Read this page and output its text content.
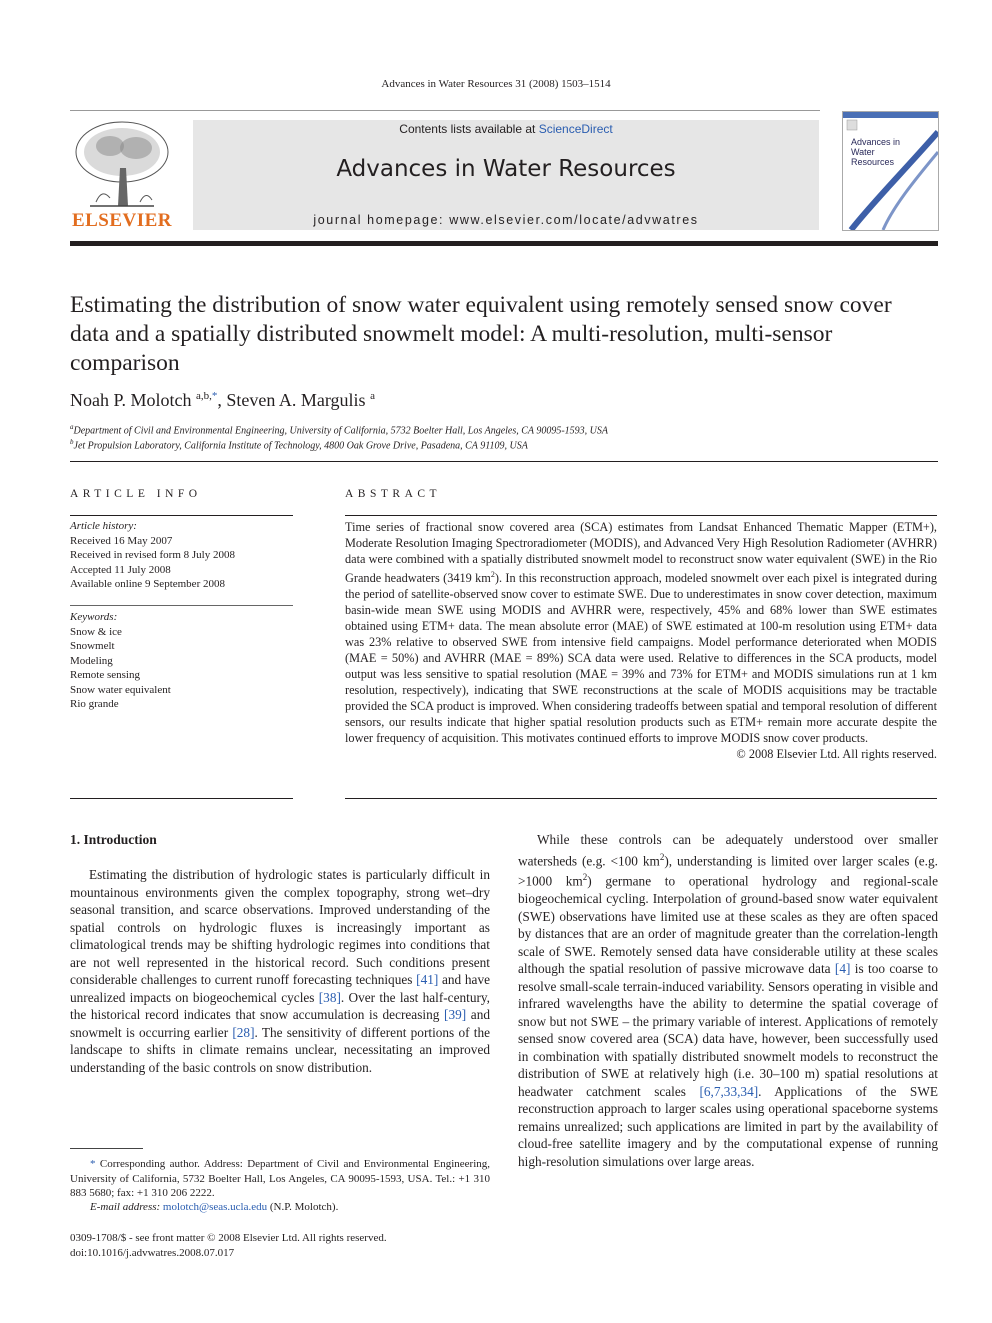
Advances in Water Resources 31 (2008) 1503–1514
ELSEVIER
Contents lists available at ScienceDirect
Advances in Water Resources
journal homepage: www.elsevier.com/locate/advwatres
Advances in Water Resources
Estimating the distribution of snow water equivalent using remotely sensed snow cover data and a spatially distributed snowmelt model: A multi-resolution, multi-sensor comparison
Noah P. Molotch $^{a,b,*}$, Steven A. Margulis $^a$
$^a$Department of Civil and Environmental Engineering, University of California, 5732 Boelter Hall, Los Angeles, CA 90095-1593, USA
$^b$Jet Propulsion Laboratory, California Institute of Technology, 4800 Oak Grove Drive, Pasadena, CA 91109, USA
ARTICLE INFO
Article history:
Received 16 May 2007
Received in revised form 8 July 2008
Accepted 11 July 2008
Available online 9 September 2008
Keywords:
Snow & ice
Snowmelt
Modeling
Remote sensing
Snow water equivalent
Rio grande
ABSTRACT

Time series of fractional snow covered area (SCA) estimates from Landsat Enhanced Thematic Mapper (ETM+), Moderate Resolution Imaging Spectroradiometer (MODIS), and Advanced Very High Resolution Radiometer (AVHRR) data were combined with a spatially distributed snowmelt model to reconstruct snow water equivalent (SWE) in the Rio Grande headwaters (3419 $km^2$). In this reconstruction approach, modeled snowmelt over each pixel is integrated during the period of satellite-observed snow cover to estimate SWE. Due to underestimates in snow cover detection, maximum basin-wide mean SWE using MODIS and AVHRR were, respectively, 45% and 68% lower than SWE estimates obtained using ETM+ data. The mean absolute error (MAE) of SWE estimated at 100-m resolution using ETM+ data was 23% relative to observed SWE from intensive field campaigns. Model performance deteriorated when MODIS (MAE = 50%) and AVHRR (MAE = 89%) SCA data were used. Relative to differences in the SCA products, model output was less sensitive to spatial resolution (MAE = 39% and 73% for ETM+ and MODIS simulations run at 1 km resolution, respectively), indicating that SWE reconstructions at the scale of MODIS acquisitions may be tractable provided the SCA product is improved. When considering tradeoffs between spatial and temporal resolution of different sensors, our results indicate that higher spatial resolution products such as ETM+ remain more accurate despite the lower frequency of acquisition. This motivates continued efforts to improve MODIS snow cover products.

© 2008 Elsevier Ltd. All rights reserved.
1. Introduction

Estimating the distribution of hydrologic states is particularly difficult in mountainous environments given the complex topography, strong wet–dry seasonal transition, and scarce observations. Improved understanding of the spatial controls on hydrologic fluxes is increasingly important as climatological trends may be shifting hydrologic regimes into conditions that are not well represented in the historical record. Such conditions present considerable challenges to current runoff forecasting techniques [41] and have unrealized impacts on biogeochemical cycles [38]. Over the last half-century, the historical record indicates that snow accumulation is decreasing [39] and snowmelt is occurring earlier [28]. The sensitivity of different portions of the landscape to shifts in climate remains unclear, necessitating an improved understanding of the basic controls on snow distribution.

While these controls can be adequately understood over smaller watersheds (e.g. <100 $km^2$), understanding is limited over larger scales (e.g. >1000 $km^2$) germane to operational hydrology and regional-scale biogeochemical cycling. Interpolation of ground-based snow water equivalent (SWE) observations have limited use at these scales as they are often spaced by distances that are an order of magnitude greater than the correlation-length scale of SWE. Remotely sensed data have considerable utility at these scales although the spatial resolution of passive microwave data [4] is too coarse to resolve small-scale terrain-induced variability. Sensors operating in visible and infrared wavelengths have the ability to determine the spatial coverage of snow but not SWE – the primary variable of interest. Applications of remotely sensed snow covered area (SCA) data have, however, been successfully used in combination with spatially distributed snowmelt models to reconstruct the distribution of SWE at relatively high (i.e. 30–100 m) spatial resolutions at headwater catchment scales [6,7,33,34]. Applications of the SWE reconstruction approach to larger scales using operational spaceborne systems remains unrealized; such applications are limited in part by the availability of cloud-free satellite imagery and by the computational expense of running high-resolution simulations over large areas.

* Corresponding author. Address: Department of Civil and Environmental Engineering, University of California, 5732 Boelter Hall, Los Angeles, CA 90095-1593, USA. Tel.: +1 310 883 5680; fax: +1 310 206 2222.
E-mail address: molotch@seas.ucla.edu (N.P. Molotch).
0309-1708/$ - see front matter © 2008 Elsevier Ltd. All rights reserved.
doi:10.1016/j.advwatres.2008.07.017
